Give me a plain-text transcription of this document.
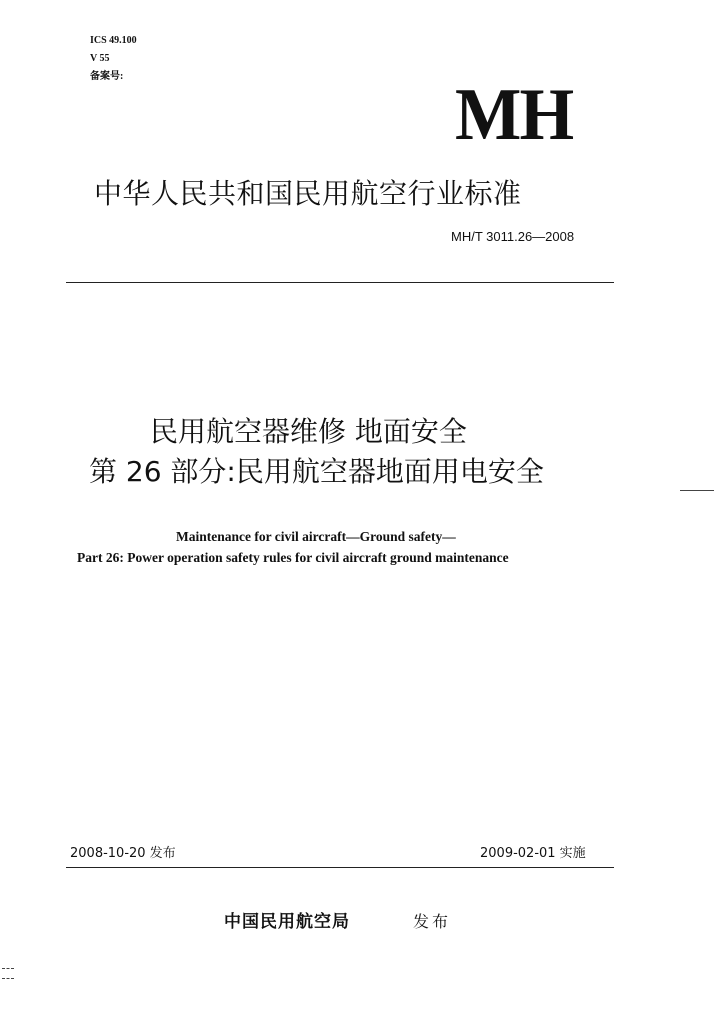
ICS 49.100
V 55
备案号:	MH
中华人民共和国民用航空行业标准
MH/T 3011.26—2008
民用航空器维修 地面安全
第 26 部分:民用航空器地面用电安全
Maintenance for civil aircraft—Ground safety—
Part 26: Power operation safety rules for civil aircraft ground maintenance
2008-10-20 发布	2009-02-01 实施
中国民用航空局	发布
